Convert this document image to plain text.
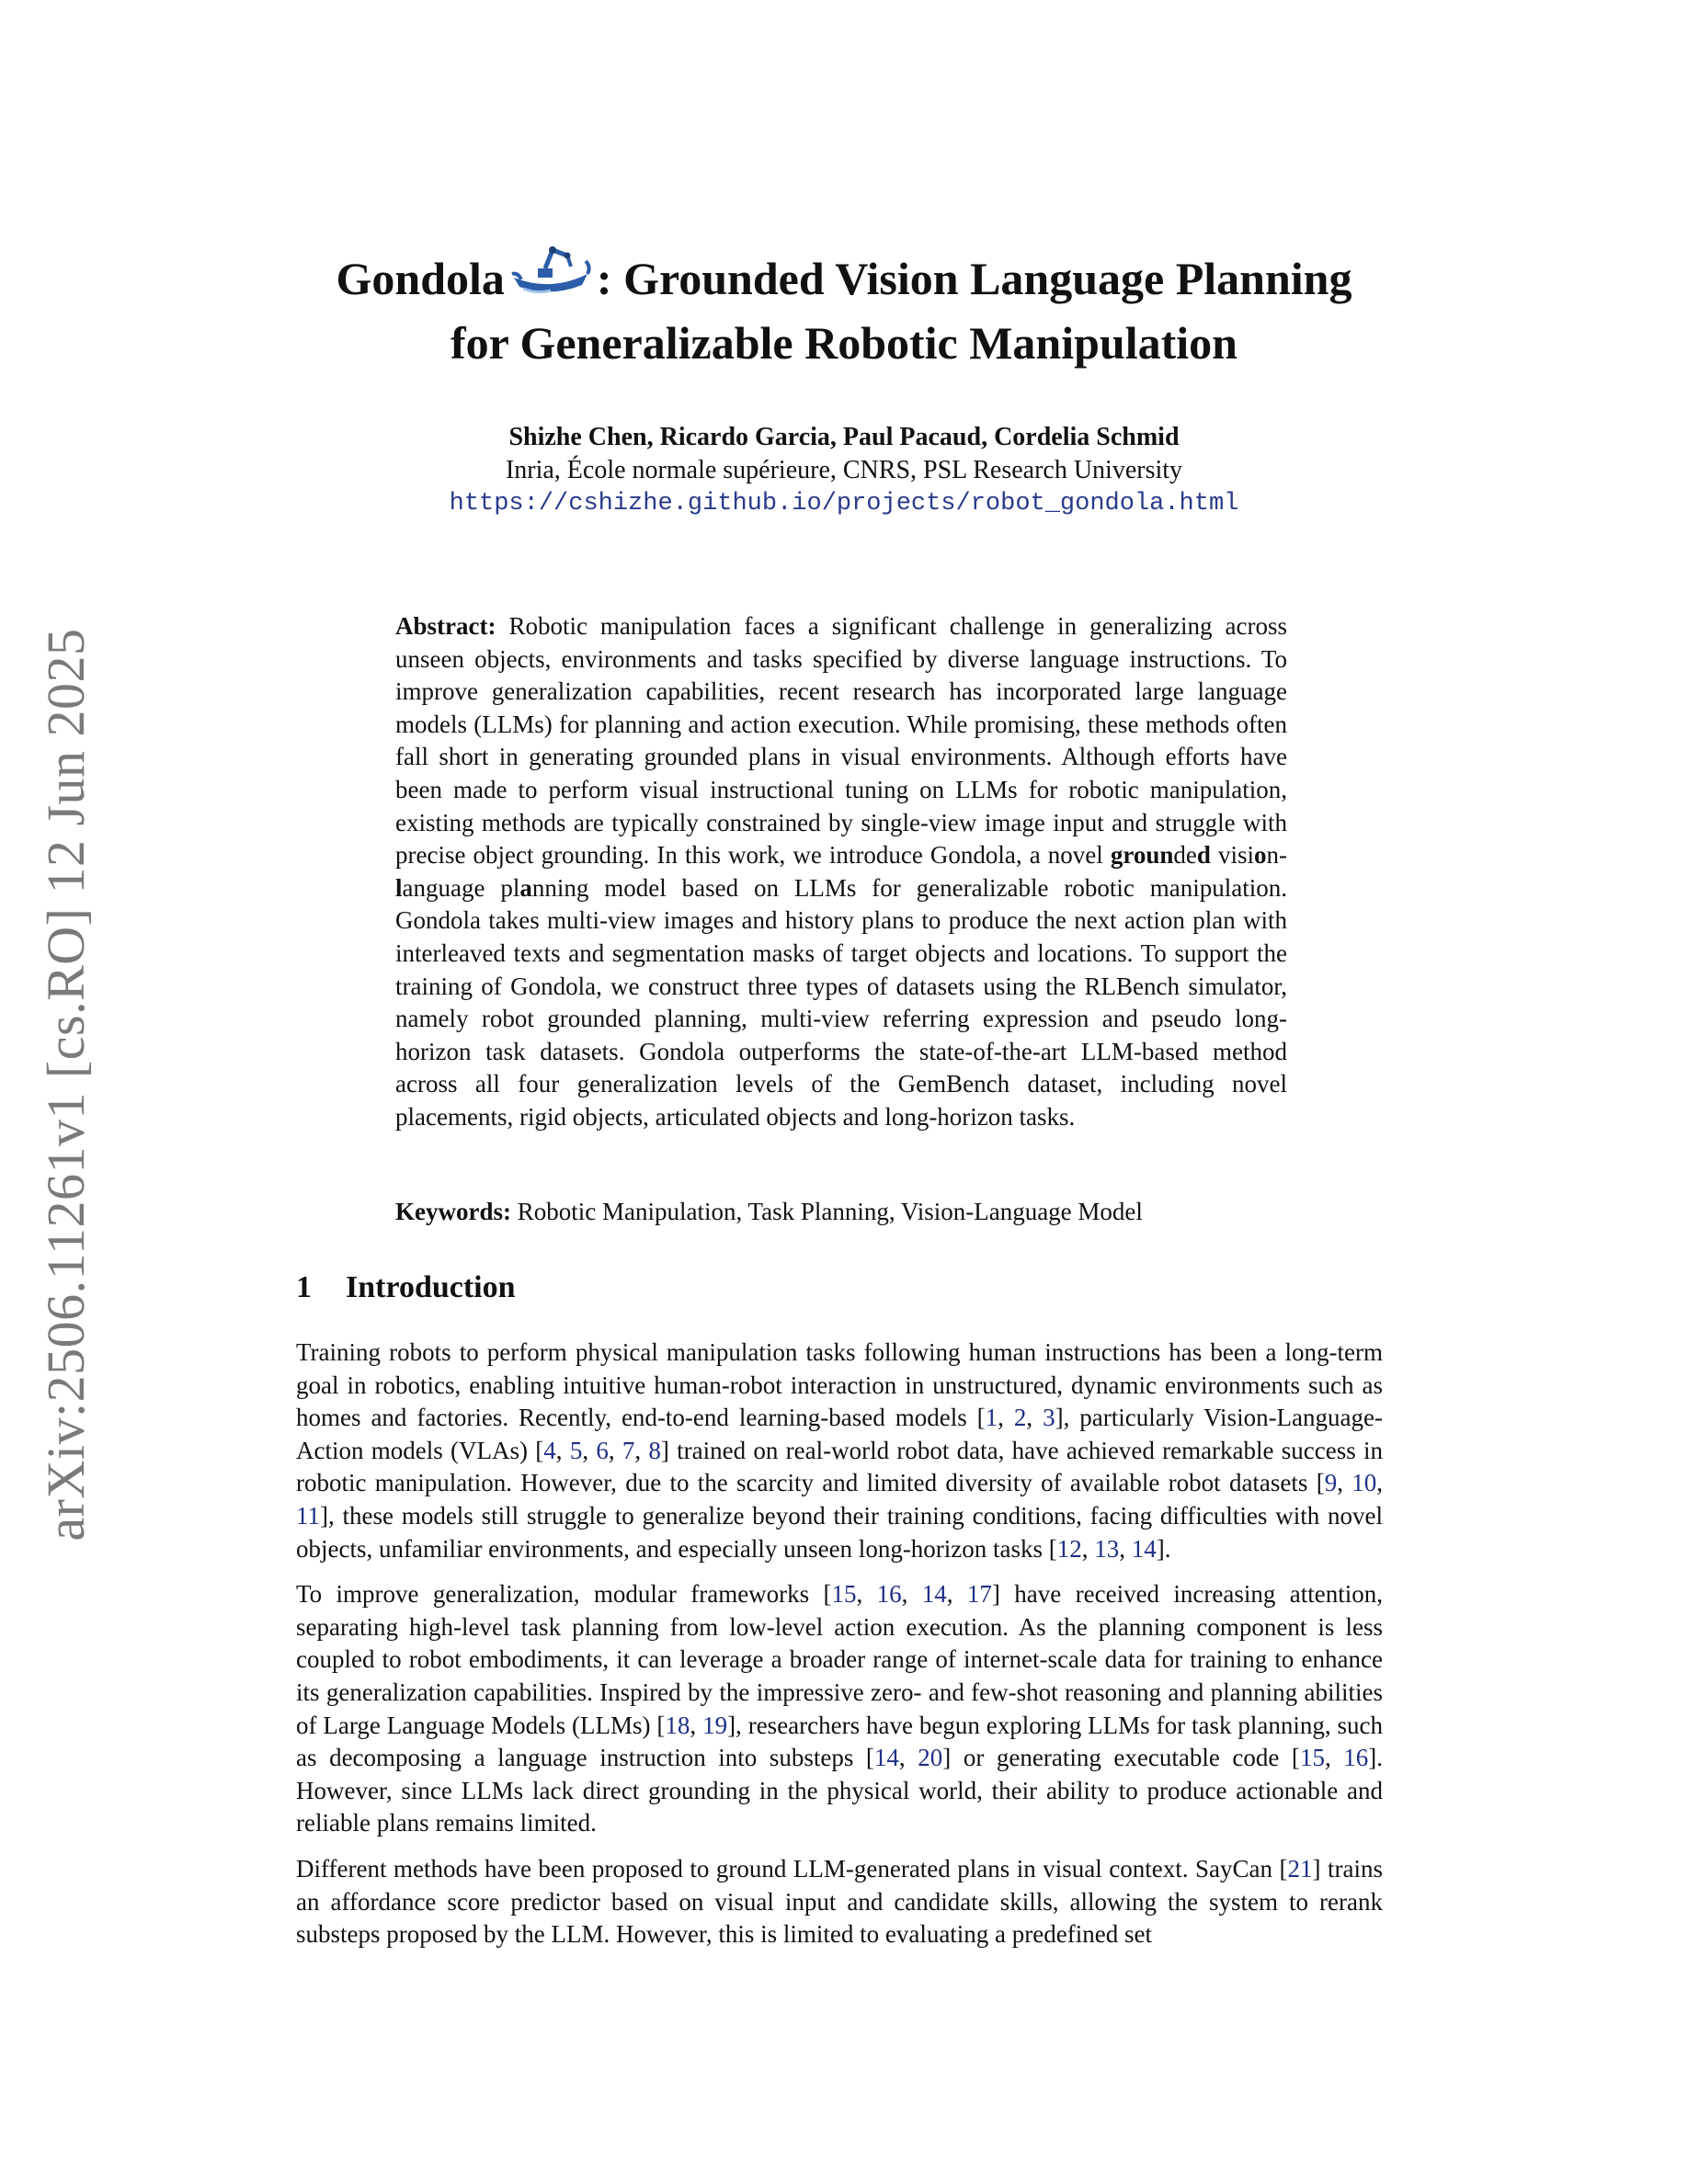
arXiv:2506.11261v1 [cs.RO] 12 Jun 2025
Gondola : Grounded Vision Language Planning
for Generalizable Robotic Manipulation
Shizhe Chen, Ricardo Garcia, Paul Pacaud, Cordelia Schmid
Inria, École normale supérieure, CNRS, PSL Research University
https://cshizhe.github.io/projects/robot_gondola.html
Abstract: Robotic manipulation faces a significant challenge in generalizing across unseen objects, environments and tasks specified by diverse language instructions. To improve generalization capabilities, recent research has incorporated large language models (LLMs) for planning and action execution. While promising, these methods often fall short in generating grounded plans in visual environments. Although efforts have been made to perform visual instructional tuning on LLMs for robotic manipulation, existing methods are typically constrained by single-view image input and struggle with precise object grounding. In this work, we introduce Gondola, a novel grounded vision-language planning model based on LLMs for generalizable robotic manipulation. Gondola takes multi-view images and history plans to produce the next action plan with interleaved texts and segmentation masks of target objects and locations. To support the training of Gondola, we construct three types of datasets using the RLBench simulator, namely robot grounded planning, multi-view referring expression and pseudo long-horizon task datasets. Gondola outperforms the state-of-the-art LLM-based method across all four generalization levels of the GemBench dataset, including novel placements, rigid objects, articulated objects and long-horizon tasks.
Keywords: Robotic Manipulation, Task Planning, Vision-Language Model
1 Introduction

Training robots to perform physical manipulation tasks following human instructions has been a long-term goal in robotics, enabling intuitive human-robot interaction in unstructured, dynamic environments such as homes and factories. Recently, end-to-end learning-based models [1, 2, 3], particularly Vision-Language-Action models (VLAs) [4, 5, 6, 7, 8] trained on real-world robot data, have achieved remarkable success in robotic manipulation. However, due to the scarcity and limited diversity of available robot datasets [9, 10, 11], these models still struggle to generalize beyond their training conditions, facing difficulties with novel objects, unfamiliar environments, and especially unseen long-horizon tasks [12, 13, 14].

To improve generalization, modular frameworks [15, 16, 14, 17] have received increasing attention, separating high-level task planning from low-level action execution. As the planning component is less coupled to robot embodiments, it can leverage a broader range of internet-scale data for training to enhance its generalization capabilities. Inspired by the impressive zero- and few-shot reasoning and planning abilities of Large Language Models (LLMs) [18, 19], researchers have begun exploring LLMs for task planning, such as decomposing a language instruction into substeps [14, 20] or generating executable code [15, 16]. However, since LLMs lack direct grounding in the physical world, their ability to produce actionable and reliable plans remains limited.

Different methods have been proposed to ground LLM-generated plans in visual context. SayCan [21] trains an affordance score predictor based on visual input and candidate skills, allowing the system to rerank substeps proposed by the LLM. However, this is limited to evaluating a predefined set
